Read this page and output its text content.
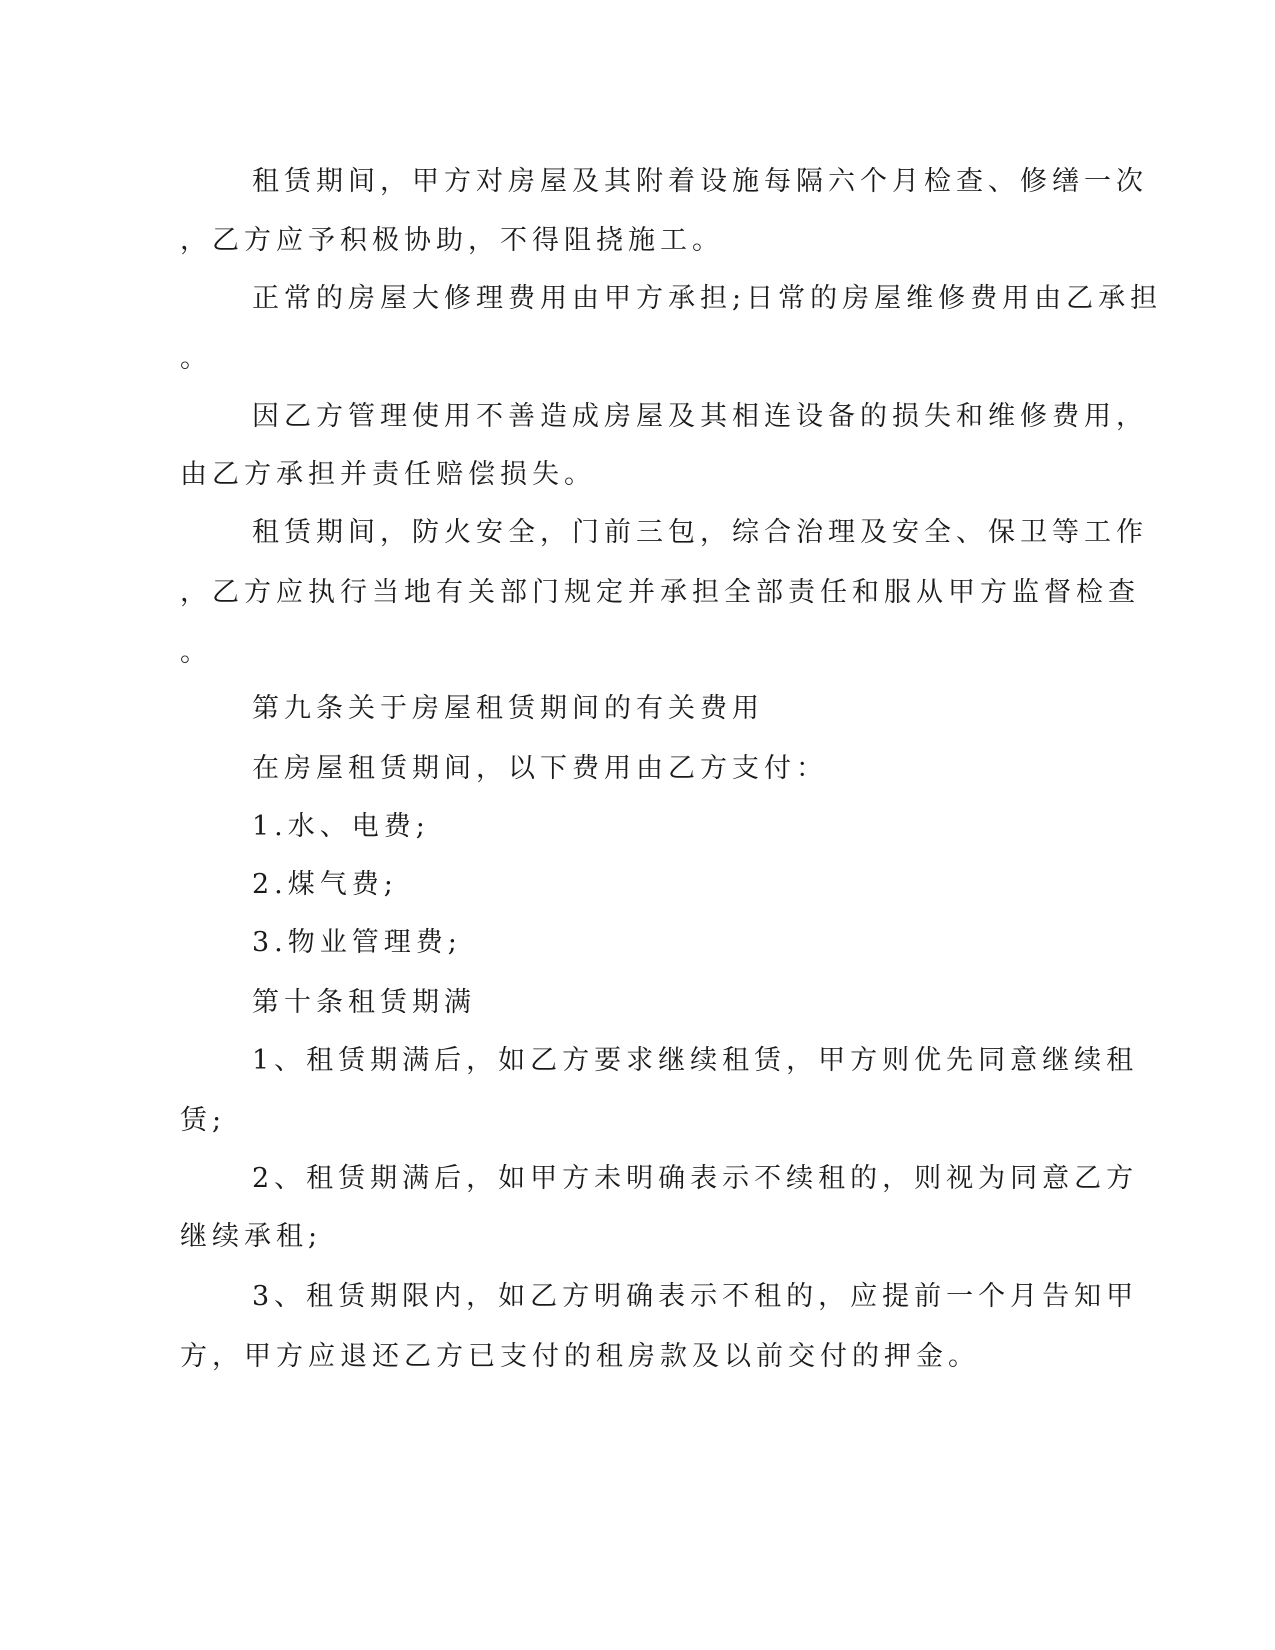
租赁期间，甲方对房屋及其附着设施每隔六个月检查、修缮一次
，乙方应予积极协助，不得阻挠施工。
正常的房屋大修理费用由甲方承担;日常的房屋维修费用由乙承担
。
因乙方管理使用不善造成房屋及其相连设备的损失和维修费用，
由乙方承担并责任赔偿损失。
租赁期间，防火安全，门前三包，综合治理及安全、保卫等工作
，乙方应执行当地有关部门规定并承担全部责任和服从甲方监督检查
。
第九条关于房屋租赁期间的有关费用
在房屋租赁期间，以下费用由乙方支付：
1.水、电费;
2.煤气费;
3.物业管理费;
第十条租赁期满
1、租赁期满后，如乙方要求继续租赁，甲方则优先同意继续租
赁;
2、租赁期满后，如甲方未明确表示不续租的，则视为同意乙方
继续承租;
3、租赁期限内，如乙方明确表示不租的，应提前一个月告知甲
方，甲方应退还乙方已支付的租房款及以前交付的押金。
